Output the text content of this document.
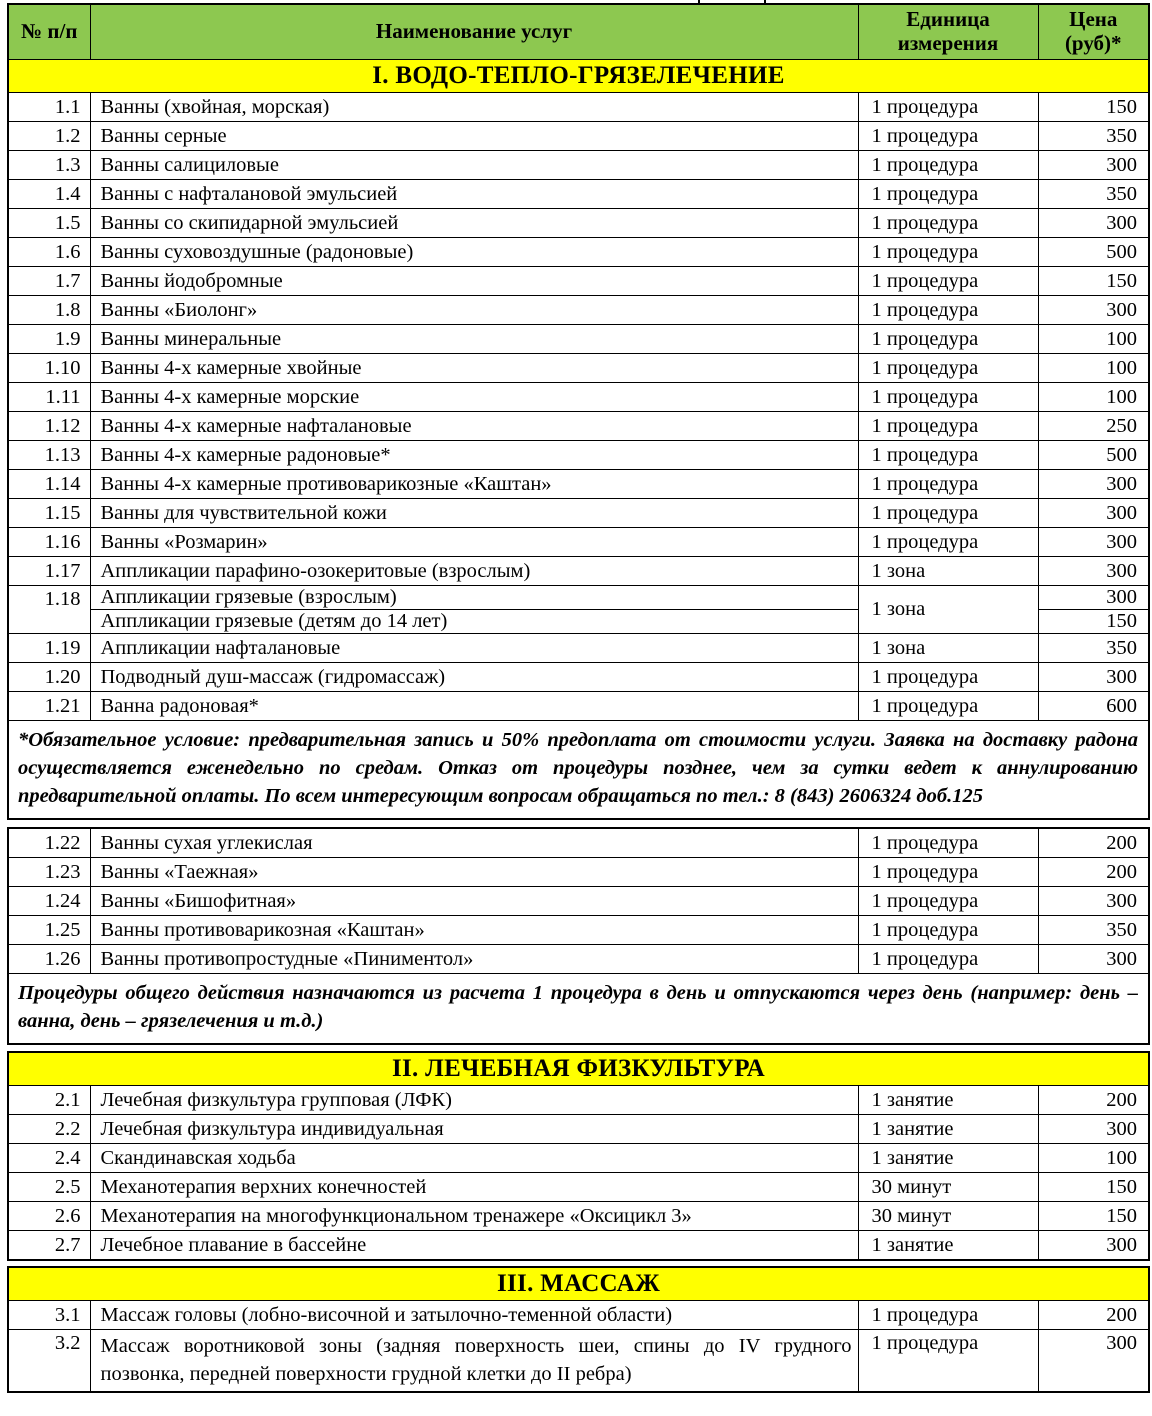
№ п/п	Наименование услуг	Единица измерения	Цена (руб)*
I. ВОДО-ТЕПЛО-ГРЯЗЕЛЕЧЕНИЕ			
1.1	Ванны (хвойная, морская)	1 процедура	150
1.2	Ванны серные	1 процедура	350
1.3	Ванны салициловые	1 процедура	300
1.4	Ванны с нафталановой эмульсией	1 процедура	350
1.5	Ванны со скипидарной эмульсией	1 процедура	300
1.6	Ванны суховоздушные (радоновые)	1 процедура	500
1.7	Ванны йодобромные	1 процедура	150
1.8	Ванны «Биолонг»	1 процедура	300
1.9	Ванны минеральные	1 процедура	100
1.10	Ванны 4-х камерные хвойные	1 процедура	100
1.11	Ванны 4-х камерные морские	1 процедура	100
1.12	Ванны 4-х камерные нафталановые	1 процедура	250
1.13	Ванны 4-х камерные радоновые*	1 процедура	500
1.14	Ванны 4-х камерные противоварикозные «Каштан»	1 процедура	300
1.15	Ванны для чувствительной кожи	1 процедура	300
1.16	Ванны «Розмарин»	1 процедура	300
1.17	Аппликации парафино-озокеритовые (взрослым)	1 зона	300
1.18	Аппликации грязевые (взрослым)	1 зона	300
	Аппликации грязевые (детям до 14 лет)		150
1.19	Аппликации нафталановые	1 зона	350
1.20	Подводный душ-массаж (гидромассаж)	1 процедура	300
1.21	Ванна радоновая*	1 процедура	600
*Обязательное условие: предварительная запись и 50% предоплата от стоимости услуги. Заявка на доставку радона осуществляется еженедельно по средам. Отказ от процедуры позднее, чем за сутки ведет к аннулированию предварительной оплаты. По всем интересующим вопросам обращаться по тел.: 8 (843) 2606324 доб.125			
1.22	Ванны сухая углекислая	1 процедура	200
1.23	Ванны «Таежная»	1 процедура	200
1.24	Ванны «Бишофитная»	1 процедура	300
1.25	Ванны противоварикозная «Каштан»	1 процедура	350
1.26	Ванны противопростудные «Пиниментол»	1 процедура	300
Процедуры общего действия назначаются из расчета 1 процедура в день и отпускаются через день (например: день – ванна, день – грязелечения и т.д.)			
II. ЛЕЧЕБНАЯ ФИЗКУЛЬТУРА			
2.1	Лечебная физкультура групповая (ЛФК)	1 занятие	200
2.2	Лечебная физкультура индивидуальная	1 занятие	300
2.4	Скандинавская ходьба	1 занятие	100
2.5	Механотерапия верхних конечностей	30 минут	150
2.6	Механотерапия на многофункциональном тренажере «Оксицикл 3»	30 минут	150
2.7	Лечебное плавание в бассейне	1 занятие	300
III. МАССАЖ			
3.1	Массаж головы (лобно-височной и затылочно-теменной области)	1 процедура	200
3.2	Массаж воротниковой зоны (задняя поверхность шеи, спины до IV грудного позвонка, передней поверхности грудной клетки до II ребра)	1 процедура	300
